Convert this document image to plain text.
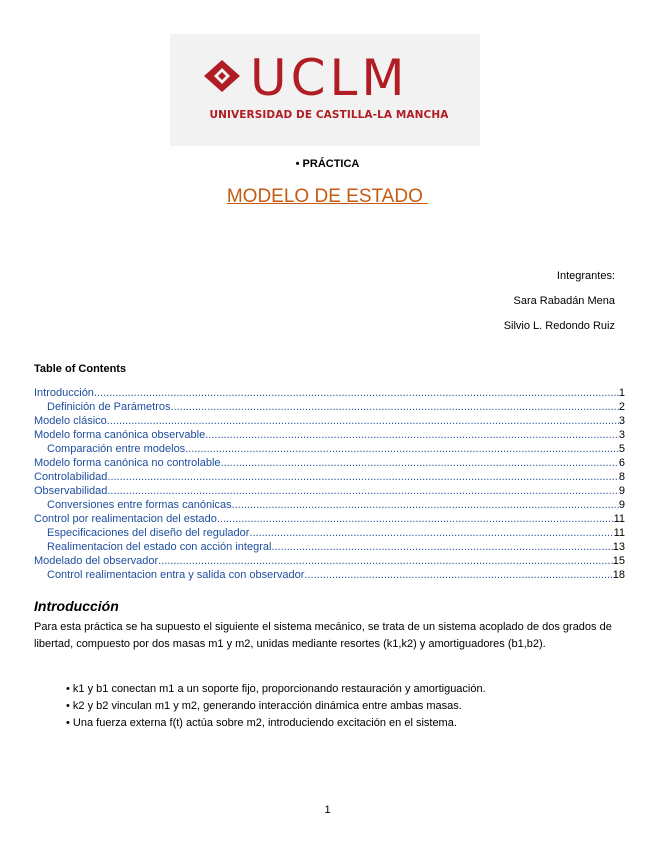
UCLM
UNIVERSIDAD DE CASTILLA-LA MANCHA
• PRÁCTICA
MODELO DE ESTADO
Integrantes:
Sara Rabadán Mena
Silvio L. Redondo Ruiz
Table of Contents
Introducción .....	1
Definición de Parámetros .....	2
Modelo clásico .....	3
Modelo forma canónica observable .....	3
Comparación entre modelos .....	5
Modelo forma canónica no controlable .....	6
Controlabilidad .....	8
Observabilidad .....	9
Conversiones entre formas canónicas .....	9
Control por realimentacion del estado .....	11
Especificaciones del diseño del regulador .....	11
Realimentacion del estado con acción integral .....	13
Modelado del observador .....	15
Control realimentacion entra y salida con observador .....	18
Introducción
Para esta práctica se ha supuesto el siguiente el sistema mecánico, se trata de un sistema acoplado de dos grados de libertad, compuesto por dos masas m1 y m2, unidas mediante resortes (k1,k2) y amortiguadores (b1,b2).
• k1 y b1 conectan m1 a un soporte fijo, proporcionando restauración y amortiguación.
• k2 y b2 vinculan m1 y m2, generando interacción dinámica entre ambas masas.
• Una fuerza externa f(t) actúa sobre m2, introduciendo excitación en el sistema.
1
